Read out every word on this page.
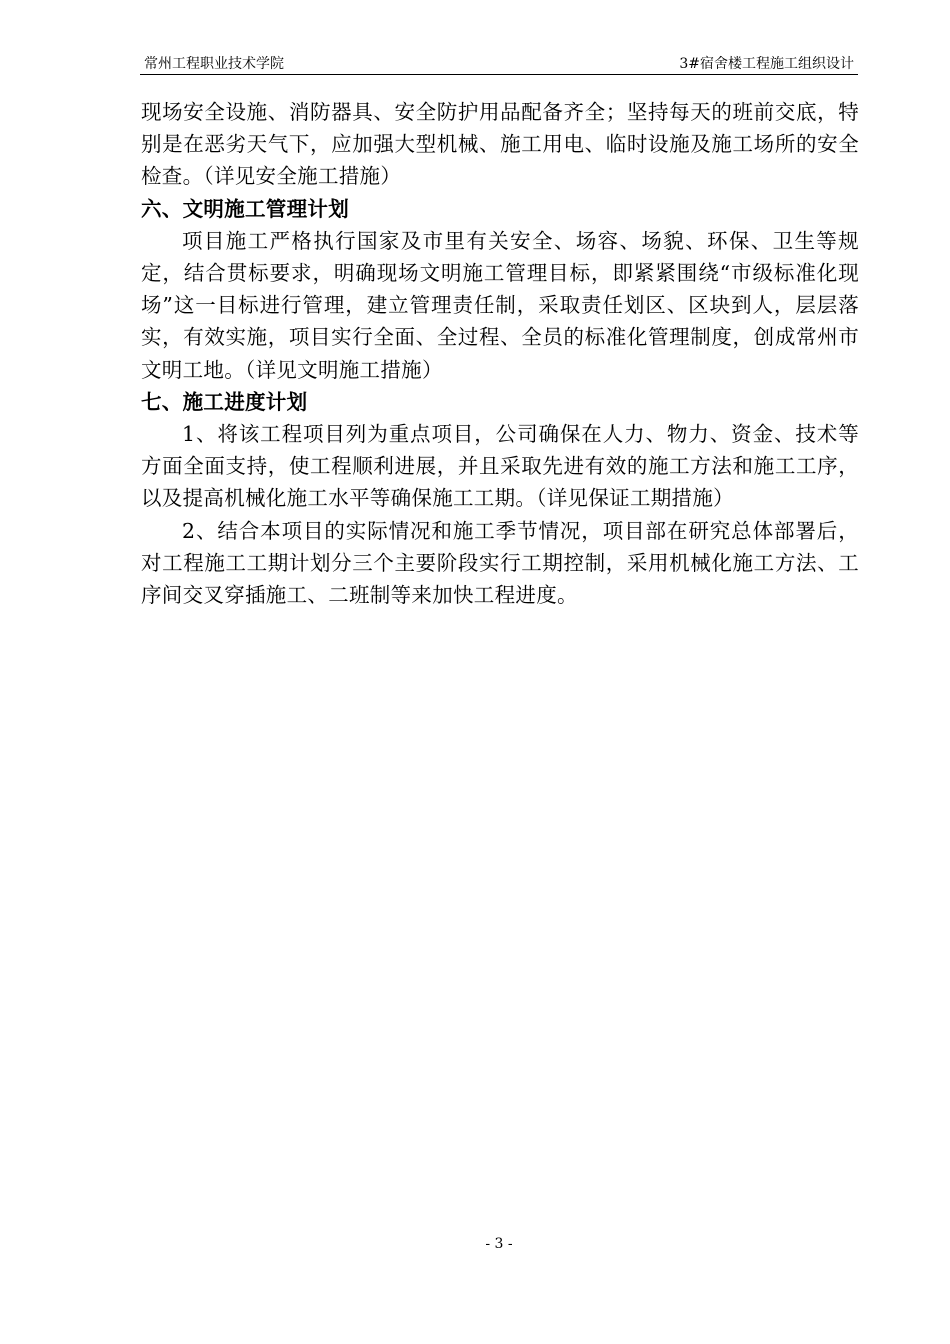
常州工程职业技术学院	3#宿舍楼工程施工组织设计

现场安全设施、消防器具、安全防护用品配备齐全；坚持每天的班前交底，特别是在恶劣天气下，应加强大型机械、施工用电、临时设施及施工场所的安全检查。（详见安全施工措施）

六、文明施工管理计划

项目施工严格执行国家及市里有关安全、场容、场貌、环保、卫生等规定，结合贯标要求，明确现场文明施工管理目标，即紧紧围绕“市级标准化现场”这一目标进行管理，建立管理责任制，采取责任划区、区块到人，层层落实，有效实施，项目实行全面、全过程、全员的标准化管理制度，创成常州市文明工地。（详见文明施工措施）

七、施工进度计划

1、将该工程项目列为重点项目，公司确保在人力、物力、资金、技术等方面全面支持，使工程顺利进展，并且采取先进有效的施工方法和施工工序，以及提高机械化施工水平等确保施工工期。（详见保证工期措施）

2、结合本项目的实际情况和施工季节情况，项目部在研究总体部署后，对工程施工工期计划分三个主要阶段实行工期控制，采用机械化施工方法、工序间交叉穿插施工、二班制等来加快工程进度。

- 3 -
